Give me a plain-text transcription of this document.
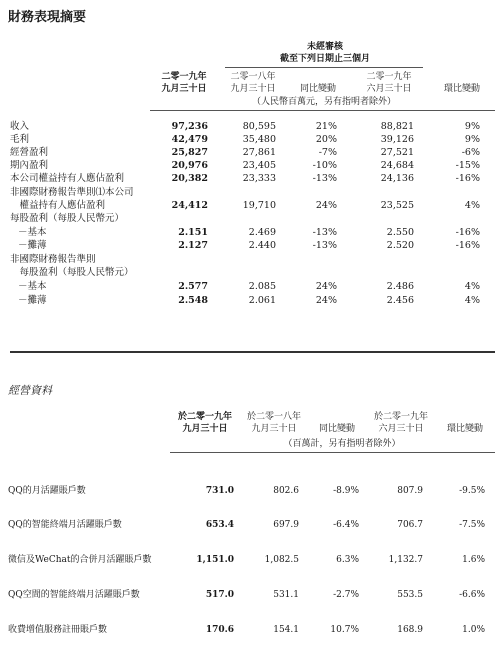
財務表現摘要
未經審核
截至下列日期止三個月
二零一九年
九月三十日
二零一八年
九月三十日	同比變動
二零一九年
六月三十日	環比變動
（人民幣百萬元，另有指明者除外）
收入	97,236	80,595	21%	88,821	9%
毛利	42,479	35,480	20%	39,126	9%
經營盈利	25,827	27,861	-7%	27,521	-6%
期內盈利	20,976	23,405	-10%	24,684	-15%
本公司權益持有人應佔盈利	20,382	23,333	-13%	24,136	-16%
非國際財務報告準則⑴本公司
　權益持有人應佔盈利	24,412	19,710	24%	23,525	4%
每股盈利（每股人民幣元）
－基本	2.151	2.469	-13%	2.550	-16%
－攤薄	2.127	2.440	-13%	2.520	-16%
非國際財務報告準則
　每股盈利（每股人民幣元）
－基本	2.577	2.085	24%	2.486	4%
－攤薄	2.548	2.061	24%	2.456	4%
經營資料
於二零一九年
九月三十日
於二零一八年
九月三十日	同比變動
於二零一九年
六月三十日	環比變動
（百萬計，另有指明者除外）
QQ的月活躍賬戶數	731.0	802.6	-8.9%	807.9	-9.5%
QQ的智能終端月活躍賬戶數	653.4	697.9	-6.4%	706.7	-7.5%
微信及WeChat的合併月活躍賬戶數	1,151.0	1,082.5	6.3%	1,132.7	1.6%
QQ空間的智能終端月活躍賬戶數	517.0	531.1	-2.7%	553.5	-6.6%
收費增值服務註冊賬戶數	170.6	154.1	10.7%	168.9	1.0%
